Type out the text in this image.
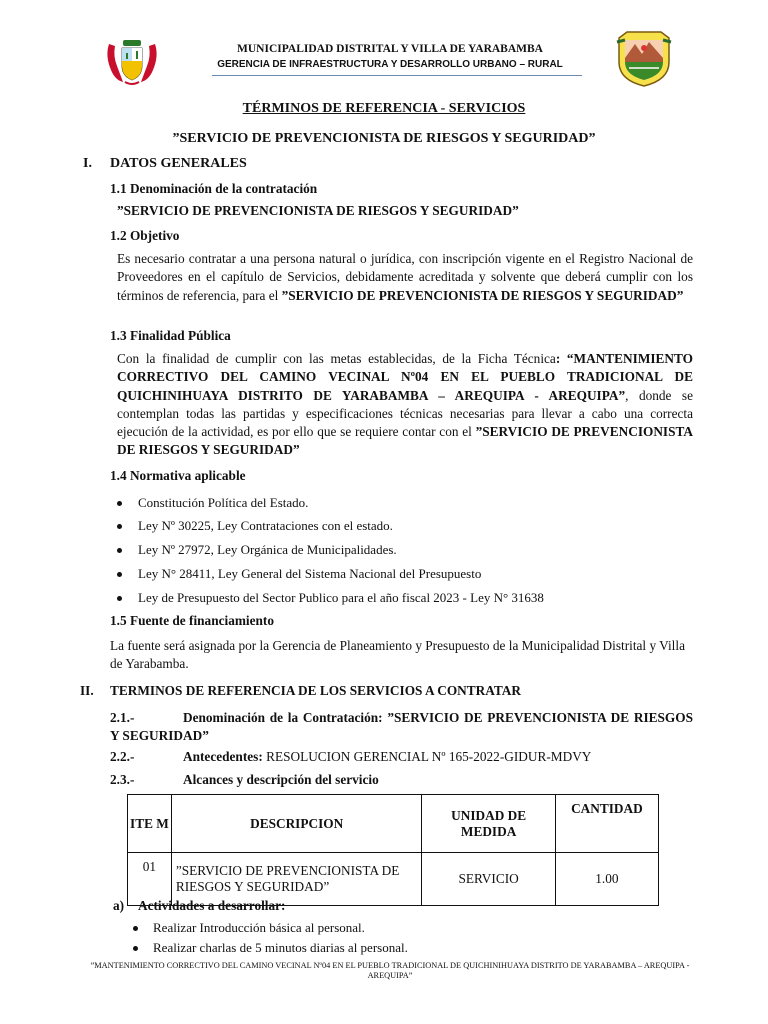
MUNICIPALIDAD DISTRITAL Y VILLA DE YARABAMBA
GERENCIA DE INFRAESTRUCTURA Y DESARROLLO URBANO – RURAL
TÉRMINOS DE REFERENCIA - SERVICIOS
”SERVICIO DE PREVENCIONISTA DE RIESGOS Y SEGURIDAD”
I. DATOS GENERALES
1.1 Denominación de la contratación
”SERVICIO DE PREVENCIONISTA DE RIESGOS Y SEGURIDAD”
1.2 Objetivo
Es necesario contratar a una persona natural o jurídica, con inscripción vigente en el Registro Nacional de Proveedores en el capítulo de Servicios, debidamente acreditada y solvente que deberá cumplir con los términos de referencia, para el ”SERVICIO DE PREVENCIONISTA DE RIESGOS Y SEGURIDAD”
1.3 Finalidad Pública
Con la finalidad de cumplir con las metas establecidas, de la Ficha Técnica: “MANTENIMIENTO CORRECTIVO DEL CAMINO VECINAL Nº04 EN EL PUEBLO TRADICIONAL DE QUICHINIHUAYA DISTRITO DE YARABAMBA – AREQUIPA - AREQUIPA”, donde se contemplan todas las partidas y especificaciones técnicas necesarias para llevar a cabo una correcta ejecución de la actividad, es por ello que se requiere contar con el ”SERVICIO DE PREVENCIONISTA DE RIESGOS Y SEGURIDAD”
1.4 Normativa aplicable
Constitución Política del Estado.
Ley Nº 30225, Ley Contrataciones con el estado.
Ley Nº 27972, Ley Orgánica de Municipalidades.
Ley N° 28411, Ley General del Sistema Nacional del Presupuesto
Ley de Presupuesto del Sector Publico para el año fiscal 2023 - Ley N° 31638
1.5 Fuente de financiamiento
La fuente será asignada por la Gerencia de Planeamiento y Presupuesto de la Municipalidad Distrital y Villa de Yarabamba.
II. TERMINOS DE REFERENCIA DE LOS SERVICIOS A CONTRATAR
2.1.-	Denominación de la Contratación: ”SERVICIO DE PREVENCIONISTA DE RIESGOS Y SEGURIDAD”
2.2.-	Antecedentes: RESOLUCION GERENCIAL Nº 165-2022-GIDUR-MDVY
2.3.-	Alcances y descripción del servicio
ITE M	DESCRIPCION	UNIDAD DE MEDIDA	CANTIDAD
01	”SERVICIO DE PREVENCIONISTA DE RIESGOS Y SEGURIDAD”	SERVICIO	1.00
a) Actividades a desarrollar:
Realizar Introducción básica al personal.
Realizar charlas de 5 minutos diarias al personal.
”MANTENIMIENTO CORRECTIVO DEL CAMINO VECINAL Nº04 EN EL PUEBLO TRADICIONAL DE QUICHINIHUAYA DISTRITO DE YARABAMBA – AREQUIPA - AREQUIPA”
